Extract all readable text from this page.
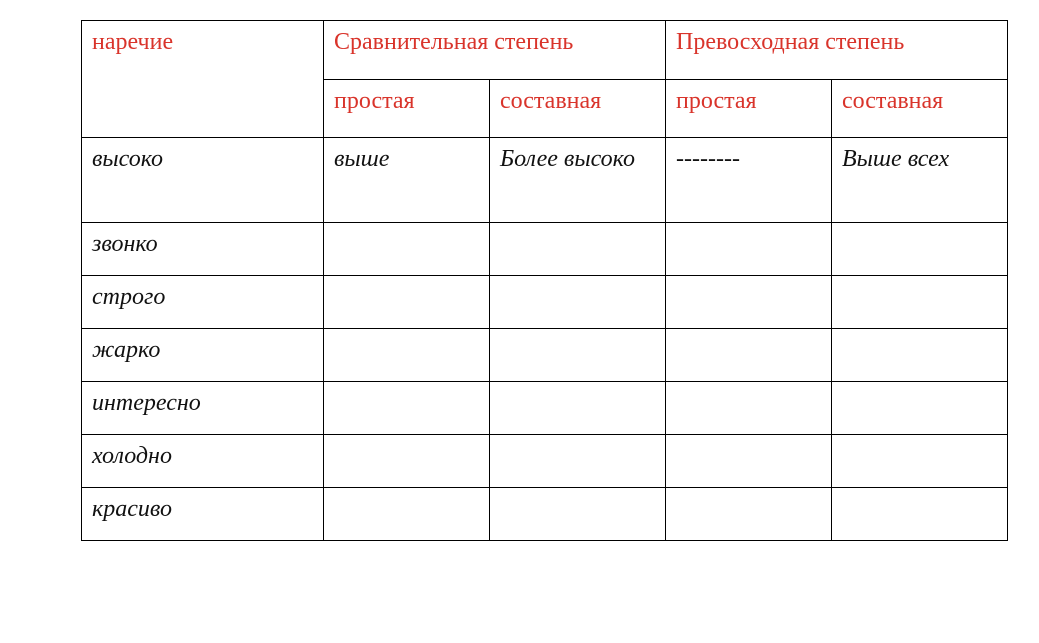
наречие	Сравнительная степень		Превосходная степень	
	простая	составная	простая	составная
высоко	выше	Более высоко	--------	Выше всех
звонко				
строго				
жарко				
интересно				
холодно				
красиво				
